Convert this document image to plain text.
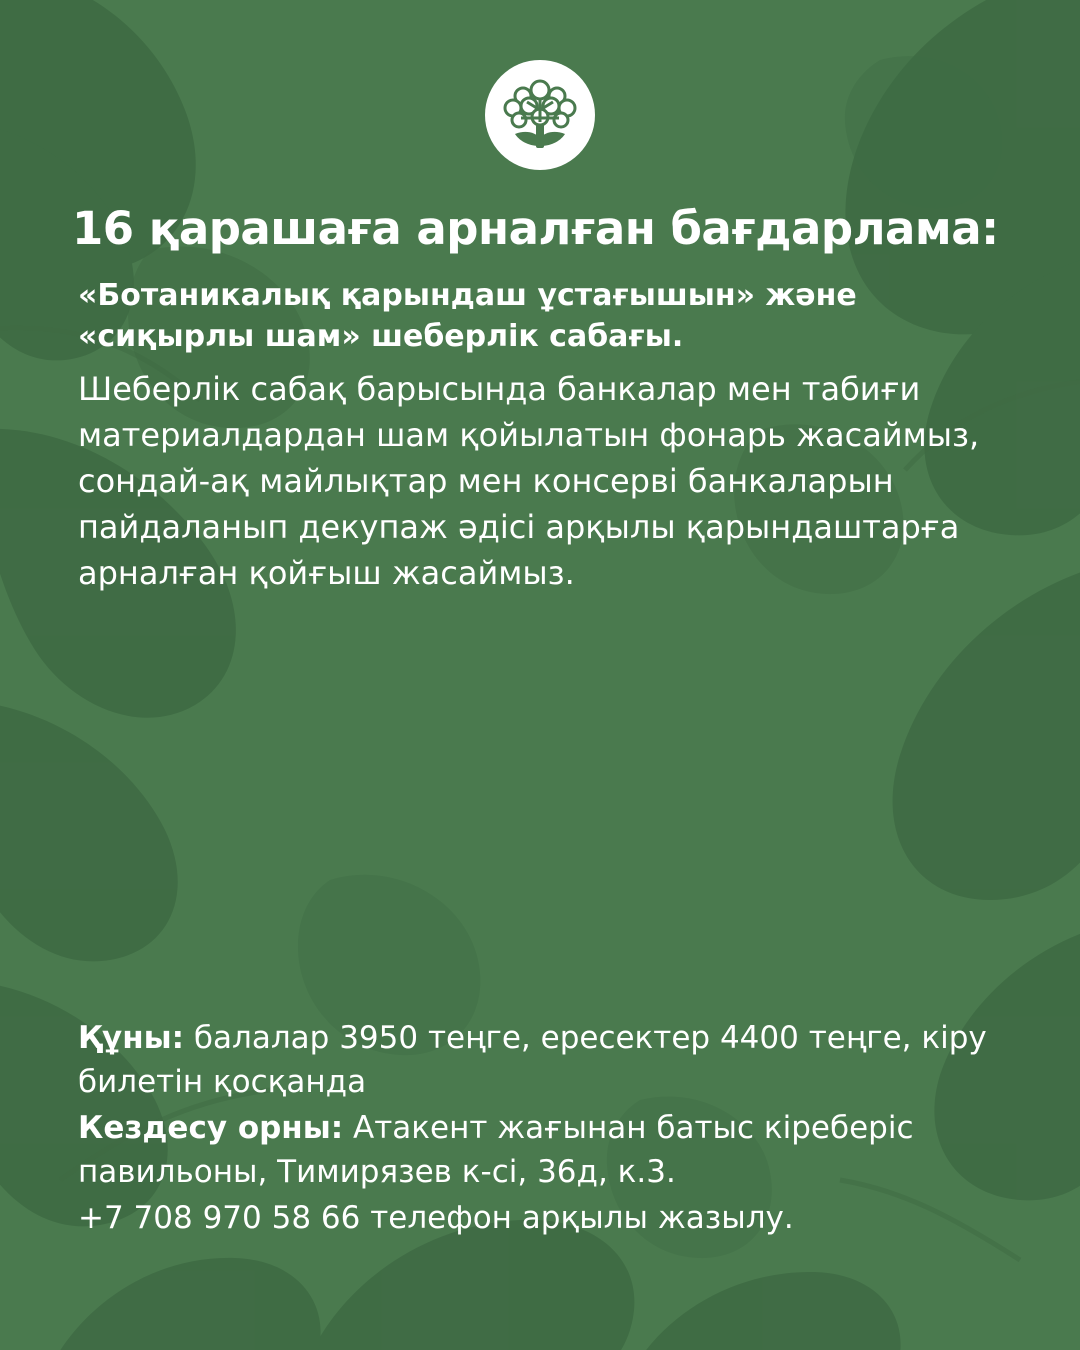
16 қарашаға арналған бағдарлама:

«Ботаникалық қарындаш ұстағышын» және «сиқырлы шам» шеберлік сабағы.

Шеберлік сабақ барысында банкалар мен табиғи материалдардан шам қойылатын фонарь жасаймыз, сондай-ақ майлықтар мен консерві банкаларын пайдаланып декупаж әдісі арқылы қарындаштарға арналған қойғыш жасаймыз.

Құны: балалар 3950 теңге, ересектер 4400 теңге, кіру билетін қосқанда

Кездесу орны: Атакент жағынан батыс кіреберіс павильоны, Тимирязев к-сі, 36д, к.3.

+7 708 970 58 66 телефон арқылы жазылу.
